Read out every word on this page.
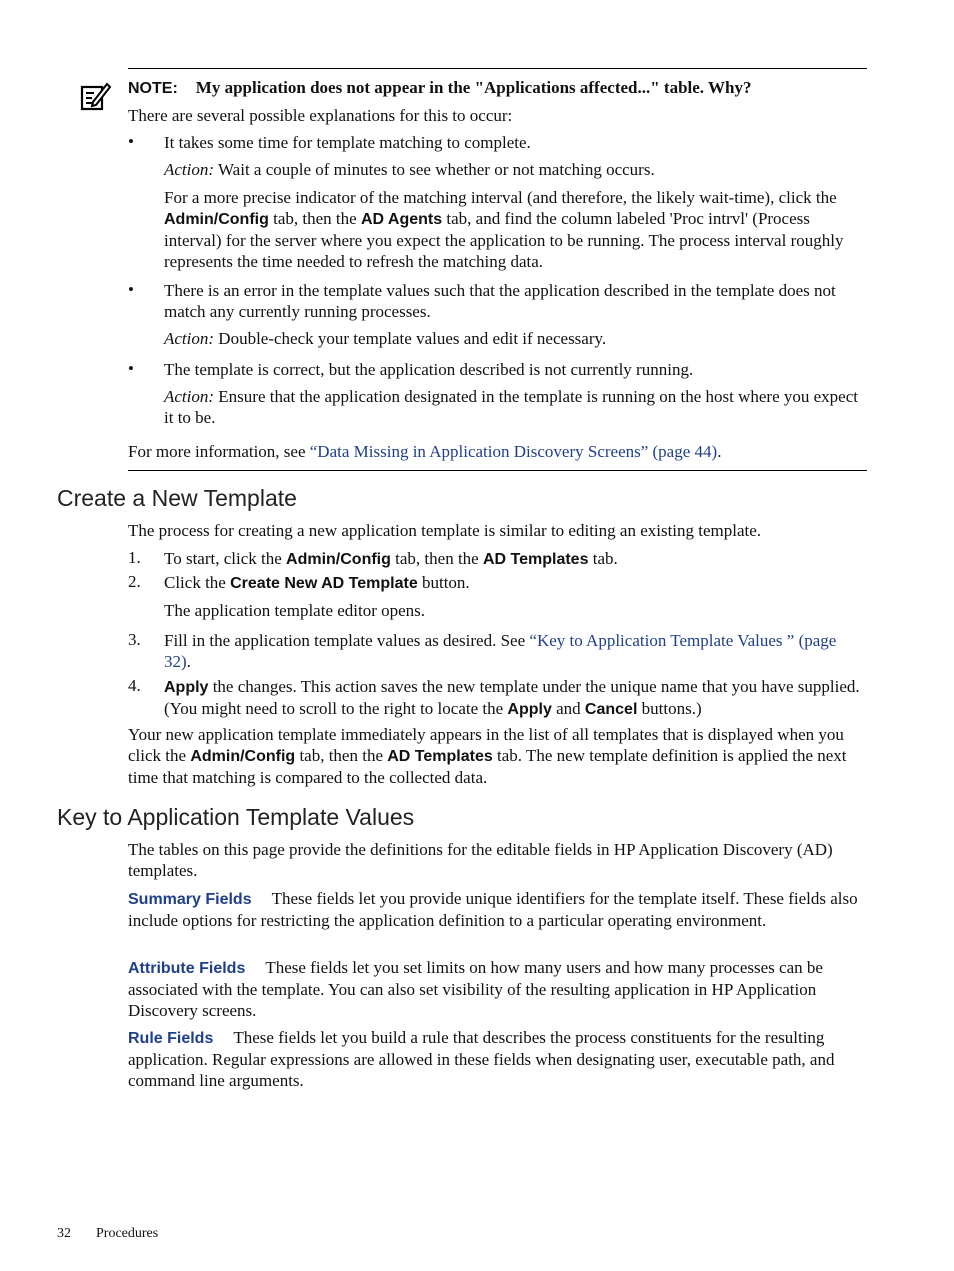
NOTE: My application does not appear in the "Applications affected..." table. Why?
There are several possible explanations for this to occur:
• It takes some time for template matching to complete.
Action: Wait a couple of minutes to see whether or not matching occurs.
For a more precise indicator of the matching interval (and therefore, the likely wait-time), click the Admin/Config tab, then the AD Agents tab, and find the column labeled 'Proc intrvl' (Process interval) for the server where you expect the application to be running. The process interval roughly represents the time needed to refresh the matching data.
• There is an error in the template values such that the application described in the template does not match any currently running processes.
Action: Double-check your template values and edit if necessary.
• The template is correct, but the application described is not currently running.
Action: Ensure that the application designated in the template is running on the host where you expect it to be.
For more information, see “Data Missing in Application Discovery Screens” (page 44).
Create a New Template
The process for creating a new application template is similar to editing an existing template.
1. To start, click the Admin/Config tab, then the AD Templates tab.
2. Click the Create New AD Template button.
The application template editor opens.
3. Fill in the application template values as desired. See “Key to Application Template Values ” (page 32).
4. Apply the changes. This action saves the new template under the unique name that you have supplied. (You might need to scroll to the right to locate the Apply and Cancel buttons.)
Your new application template immediately appears in the list of all templates that is displayed when you click the Admin/Config tab, then the AD Templates tab. The new template definition is applied the next time that matching is compared to the collected data.
Key to Application Template Values
The tables on this page provide the definitions for the editable fields in HP Application Discovery (AD) templates.
Summary Fields These fields let you provide unique identifiers for the template itself. These fields also include options for restricting the application definition to a particular operating environment.
Attribute Fields These fields let you set limits on how many users and how many processes can be associated with the template. You can also set visibility of the resulting application in HP Application Discovery screens.
Rule Fields These fields let you build a rule that describes the process constituents for the resulting application. Regular expressions are allowed in these fields when designating user, executable path, and command line arguments.
32 Procedures
